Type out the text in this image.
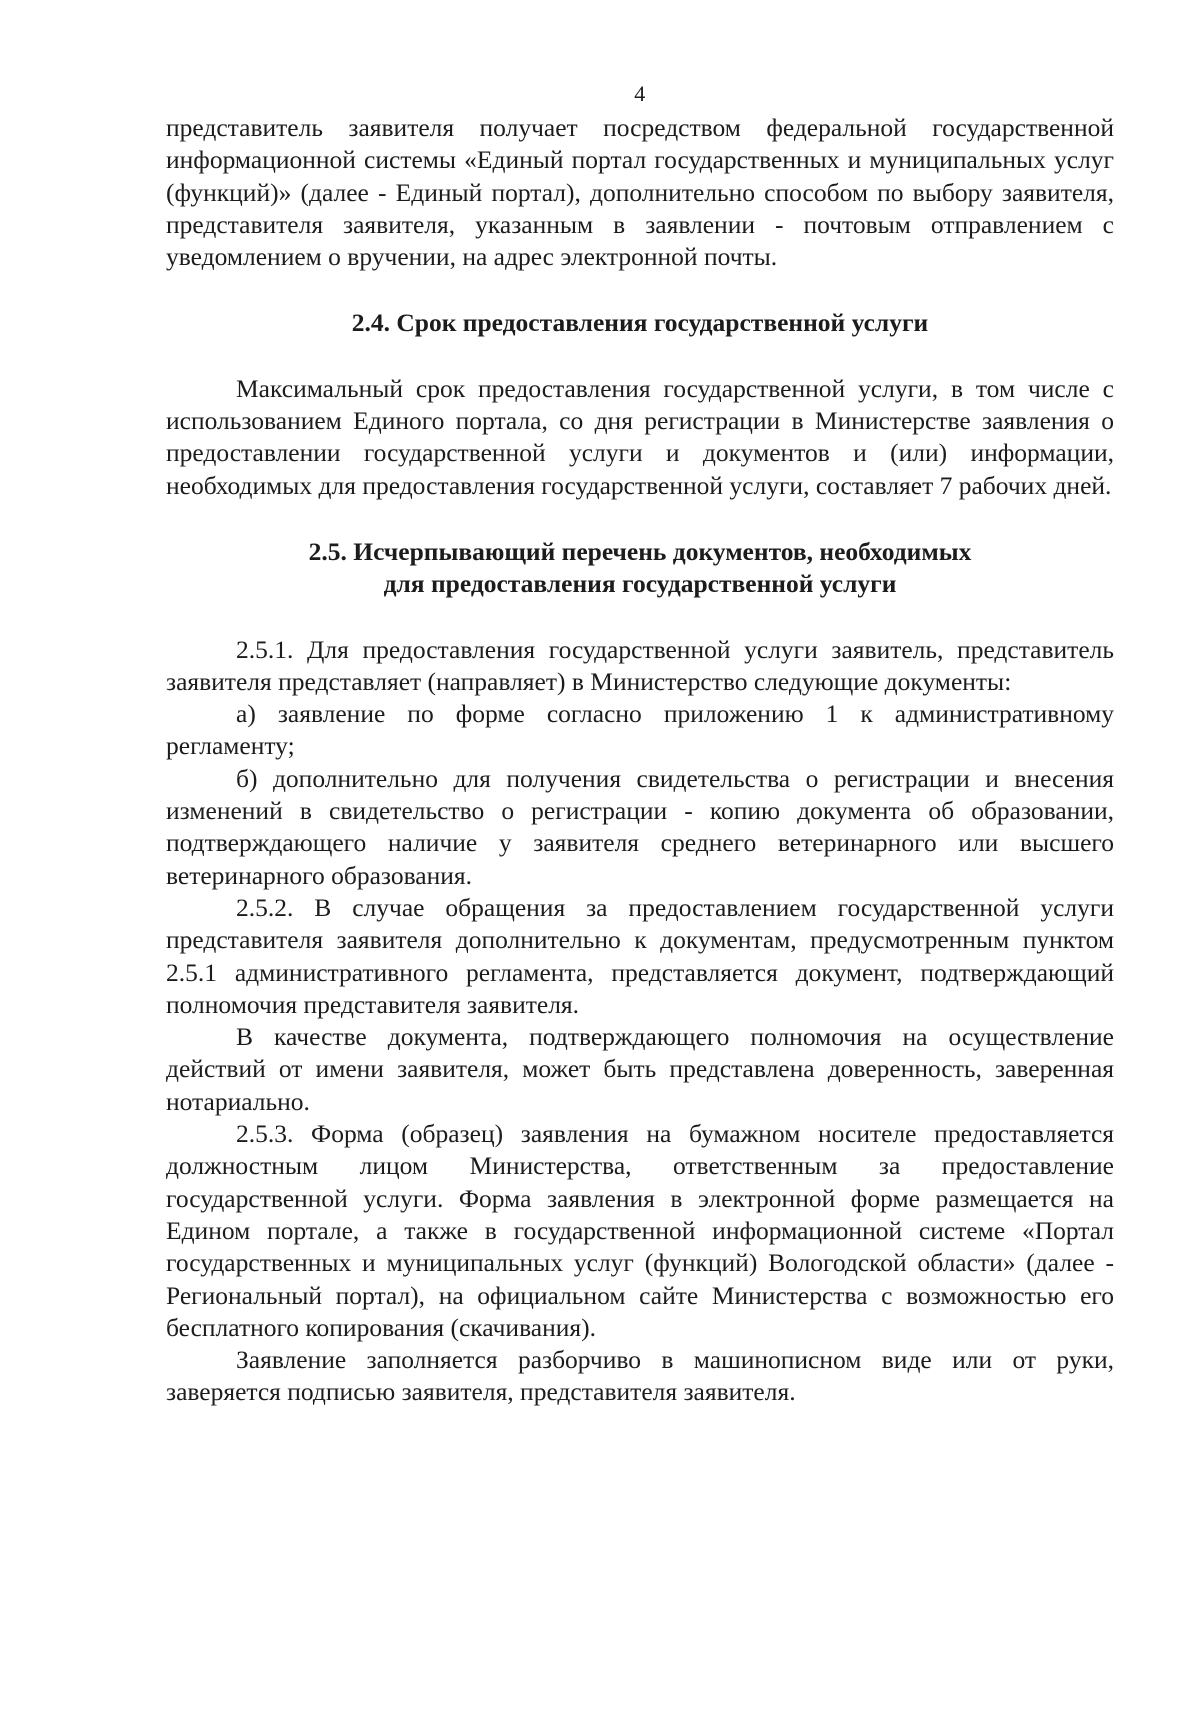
4

представитель заявителя получает посредством федеральной государственной информационной системы «Единый портал государственных и муниципальных услуг (функций)» (далее - Единый портал), дополнительно способом по выбору заявителя, представителя заявителя, указанным в заявлении - почтовым отправлением с уведомлением о вручении, на адрес электронной почты.

2.4. Срок предоставления государственной услуги

Максимальный срок предоставления государственной услуги, в том числе с использованием Единого портала, со дня регистрации в Министерстве заявления о предоставлении государственной услуги и документов и (или) информации, необходимых для предоставления государственной услуги, составляет 7 рабочих дней.

2.5. Исчерпывающий перечень документов, необходимых
для предоставления государственной услуги

2.5.1. Для предоставления государственной услуги заявитель, представитель заявителя представляет (направляет) в Министерство следующие документы:

а) заявление по форме согласно приложению 1 к административному регламенту;

б) дополнительно для получения свидетельства о регистрации и внесения изменений в свидетельство о регистрации - копию документа об образовании, подтверждающего наличие у заявителя среднего ветеринарного или высшего ветеринарного образования.

2.5.2. В случае обращения за предоставлением государственной услуги представителя заявителя дополнительно к документам, предусмотренным пунктом 2.5.1 административного регламента, представляется документ, подтверждающий полномочия представителя заявителя.

В качестве документа, подтверждающего полномочия на осуществление действий от имени заявителя, может быть представлена доверенность, заверенная нотариально.

2.5.3. Форма (образец) заявления на бумажном носителе предоставляется должностным лицом Министерства, ответственным за предоставление государственной услуги. Форма заявления в электронной форме размещается на Едином портале, а также в государственной информационной системе «Портал государственных и муниципальных услуг (функций) Вологодской области» (далее - Региональный портал), на официальном сайте Министерства с возможностью его бесплатного копирования (скачивания).

Заявление заполняется разборчиво в машинописном виде или от руки, заверяется подписью заявителя, представителя заявителя.
